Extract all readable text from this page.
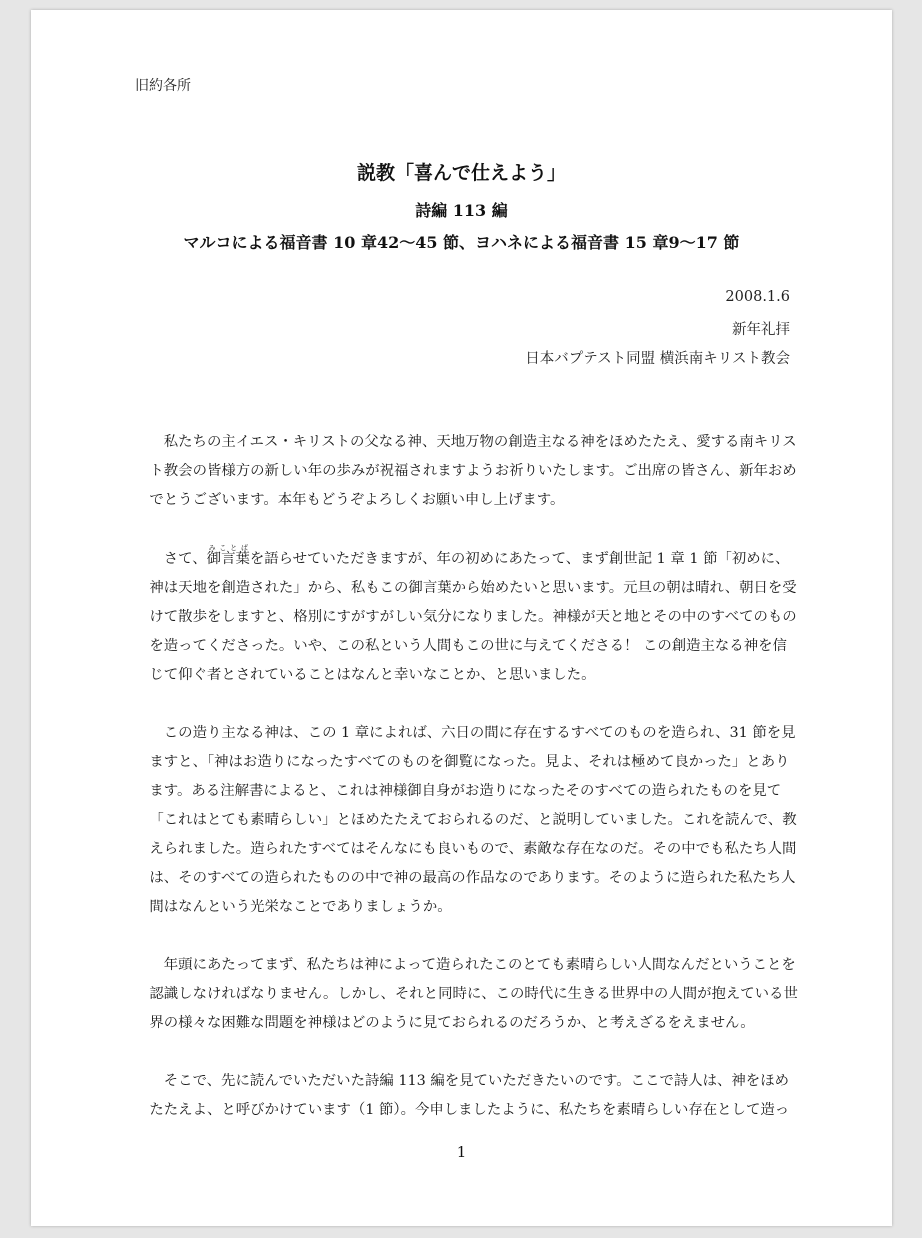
旧約各所
説教「喜んで仕えよう」
詩編 113 編
マルコによる福音書 10 章42～45 節、ヨハネによる福音書 15 章9～17 節
2008.1.6
新年礼拝
日本バプテスト同盟 横浜南キリスト教会

　私たちの主イエス・キリストの父なる神、天地万物の創造主なる神をほめたたえ、愛する南キリス
ト教会の皆様方の新しい年の歩みが祝福されますようお祈りいたします。ご出席の皆さん、新年おめ
でとうございます。本年もどうぞよろしくお願い申し上げます。

　さて、御言葉みことばを語らせていただきますが、年の初めにあたって、まず創世記 1 章 1 節「初めに、
神は天地を創造された」から、私もこの御言葉から始めたいと思います。元旦の朝は晴れ、朝日を受
けて散歩をしますと、格別にすがすがしい気分になりました。神様が天と地とその中のすべてのもの
を造ってくださった。いや、この私という人間もこの世に与えてくださる！ この創造主なる神を信
じて仰ぐ者とされていることはなんと幸いなことか、と思いました。

　この造り主なる神は、この 1 章によれば、六日の間に存在するすべてのものを造られ、31 節を見
ますと、「神はお造りになったすべてのものを御覧になった。見よ、それは極めて良かった」とあり
ます。ある注解書によると、これは神様御自身がお造りになったそのすべての造られたものを見て
「これはとても素晴らしい」とほめたたえておられるのだ、と説明していました。これを読んで、教
えられました。造られたすべてはそんなにも良いもので、素敵な存在なのだ。その中でも私たち人間
は、そのすべての造られたものの中で神の最高の作品なのであります。そのように造られた私たち人
間はなんという光栄なことでありましょうか。

　年頭にあたってまず、私たちは神によって造られたこのとても素晴らしい人間なんだということを
認識しなければなりません。しかし、それと同時に、この時代に生きる世界中の人間が抱えている世
界の様々な困難な問題を神様はどのように見ておられるのだろうか、と考えざるをえません。

　そこで、先に読んでいただいた詩編 113 編を見ていただきたいのです。ここで詩人は、神をほめ
たたえよ、と呼びかけています（1 節）。今申しましたように、私たちを素晴らしい存在として造っ

1
